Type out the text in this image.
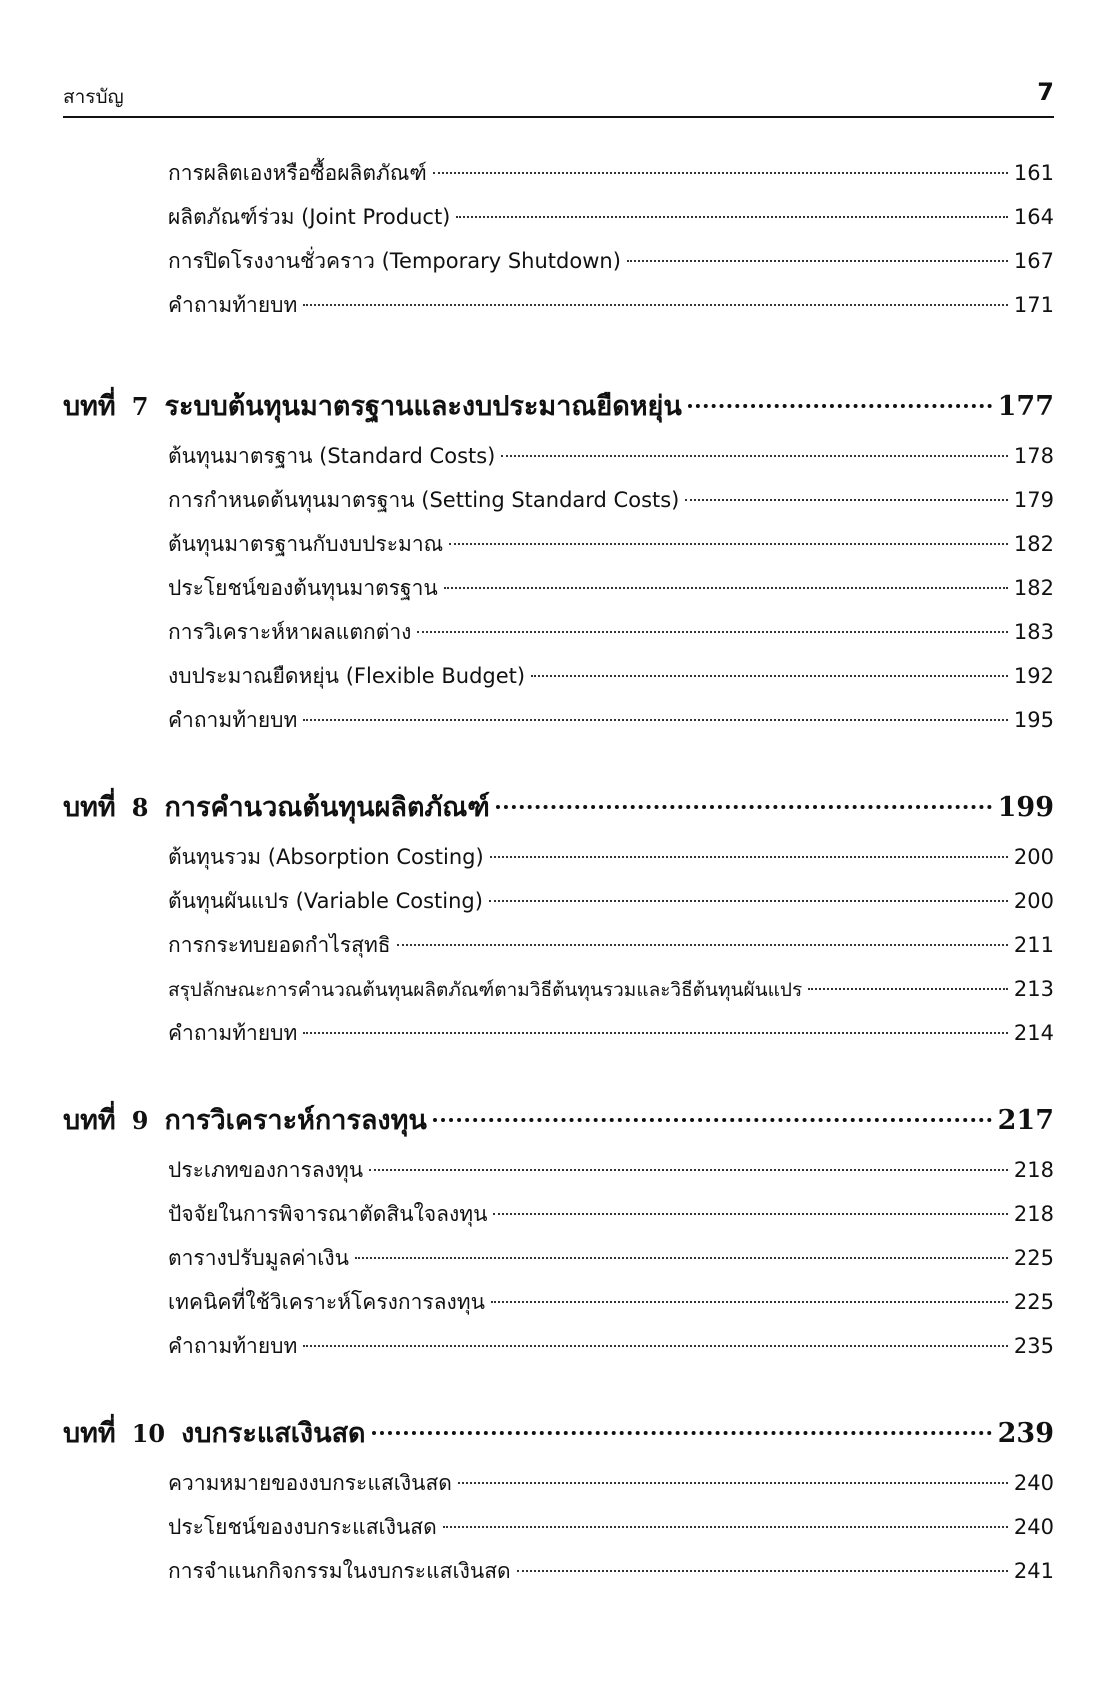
สารบัญ	7
การผลิตเองหรือซื้อผลิตภัณฑ์	161
ผลิตภัณฑ์ร่วม (Joint Product)	164
การปิดโรงงานชั่วคราว (Temporary Shutdown)	167
คำถามท้ายบท	171
บทที่ 7 ระบบต้นทุนมาตรฐานและงบประมาณยืดหยุ่น	177
ต้นทุนมาตรฐาน (Standard Costs)	178
การกำหนดต้นทุนมาตรฐาน (Setting Standard Costs)	179
ต้นทุนมาตรฐานกับงบประมาณ	182
ประโยชน์ของต้นทุนมาตรฐาน	182
การวิเคราะห์หาผลแตกต่าง	183
งบประมาณยืดหยุ่น (Flexible Budget)	192
คำถามท้ายบท	195
บทที่ 8 การคำนวณต้นทุนผลิตภัณฑ์	199
ต้นทุนรวม (Absorption Costing)	200
ต้นทุนผันแปร (Variable Costing)	200
การกระทบยอดกำไรสุทธิ	211
สรุปลักษณะการคำนวณต้นทุนผลิตภัณฑ์ตามวิธีต้นทุนรวมและวิธีต้นทุนผันแปร	213
คำถามท้ายบท	214
บทที่ 9 การวิเคราะห์การลงทุน	217
ประเภทของการลงทุน	218
ปัจจัยในการพิจารณาตัดสินใจลงทุน	218
ตารางปรับมูลค่าเงิน	225
เทคนิคที่ใช้วิเคราะห์โครงการลงทุน	225
คำถามท้ายบท	235
บทที่ 10 งบกระแสเงินสด	239
ความหมายของงบกระแสเงินสด	240
ประโยชน์ของงบกระแสเงินสด	240
การจำแนกกิจกรรมในงบกระแสเงินสด	241
